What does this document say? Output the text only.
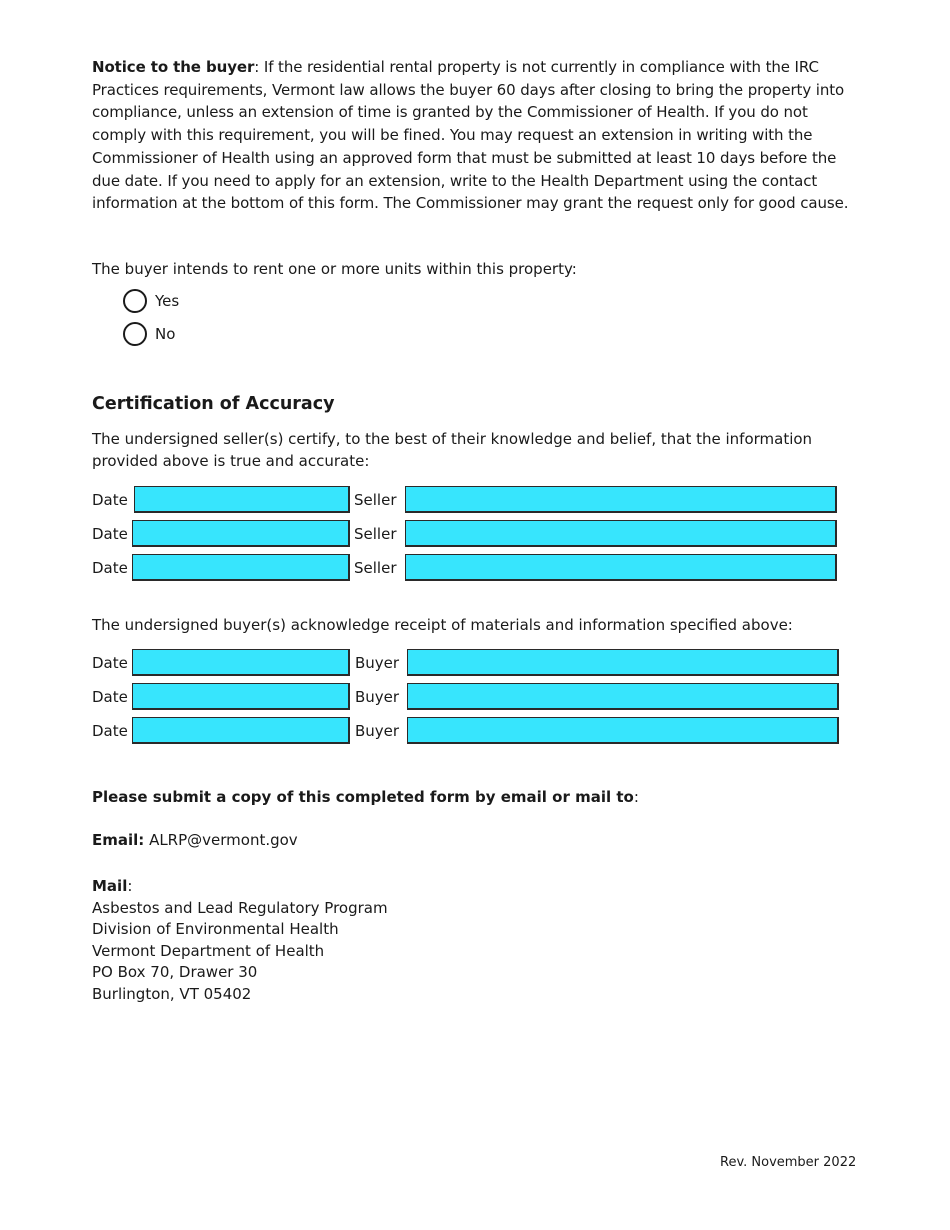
Notice to the buyer: If the residential rental property is not currently in compliance with the IRC Practices requirements, Vermont law allows the buyer 60 days after closing to bring the property into compliance, unless an extension of time is granted by the Commissioner of Health. If you do not comply with this requirement, you will be fined. You may request an extension in writing with the Commissioner of Health using an approved form that must be submitted at least 10 days before the due date. If you need to apply for an extension, write to the Health Department using the contact information at the bottom of this form. The Commissioner may grant the request only for good cause.

The buyer intends to rent one or more units within this property:

Yes
No
Certification of Accuracy

The undersigned seller(s) certify, to the best of their knowledge and belief, that the information provided above is true and accurate:

Date	Seller
Date	Seller
Date	Seller

The undersigned buyer(s) acknowledge receipt of materials and information specified above:

Date	Buyer
Date	Buyer
Date	Buyer

Please submit a copy of this completed form by email or mail to:

Email: ALRP@vermont.gov

Mail:
Asbestos and Lead Regulatory Program
Division of Environmental Health
Vermont Department of Health
PO Box 70, Drawer 30
Burlington, VT 05402

Rev. November 2022
